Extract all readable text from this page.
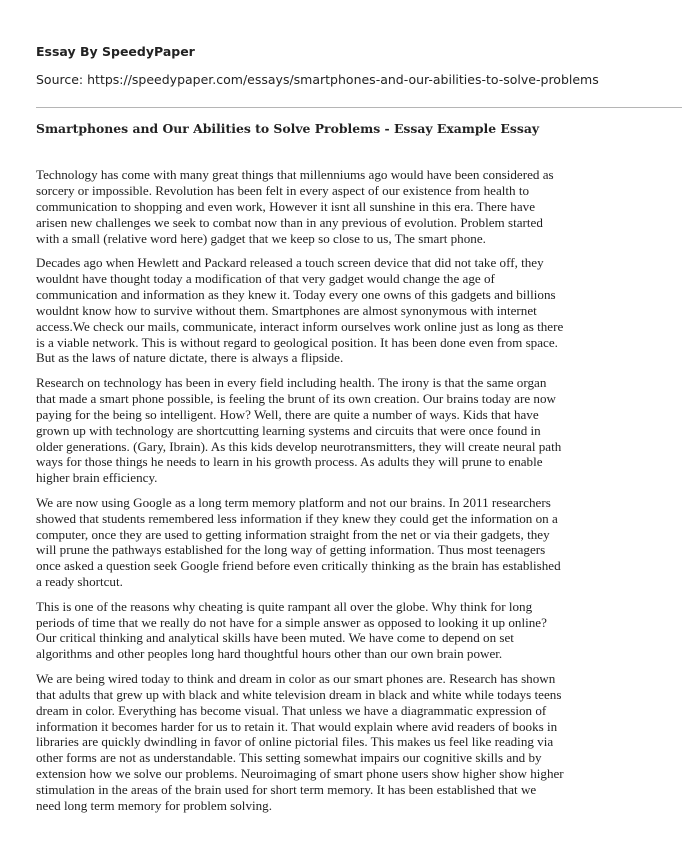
Essay By SpeedyPaper
Source: https://speedypaper.com/essays/smartphones-and-our-abilities-to-solve-problems
Smartphones and Our Abilities to Solve Problems - Essay Example Essay

Technology has come with many great things that millenniums ago would have been considered as
sorcery or impossible. Revolution has been felt in every aspect of our existence from health to
communication to shopping and even work, However it isnt all sunshine in this era. There have
arisen new challenges we seek to combat now than in any previous of evolution. Problem started
with a small (relative word here) gadget that we keep so close to us, The smart phone.

Decades ago when Hewlett and Packard released a touch screen device that did not take off, they
wouldnt have thought today a modification of that very gadget would change the age of
communication and information as they knew it. Today every one owns of this gadgets and billions
wouldnt know how to survive without them. Smartphones are almost synonymous with internet
access.We check our mails, communicate, interact inform ourselves work online just as long as there
is a viable network. This is without regard to geological position. It has been done even from space.
But as the laws of nature dictate, there is always a flipside.

Research on technology has been in every field including health. The irony is that the same organ
that made a smart phone possible, is feeling the brunt of its own creation. Our brains today are now
paying for the being so intelligent. How? Well, there are quite a number of ways. Kids that have
grown up with technology are shortcutting learning systems and circuits that were once found in
older generations. (Gary, Ibrain). As this kids develop neurotransmitters, they will create neural path
ways for those things he needs to learn in his growth process. As adults they will prune to enable
higher brain efficiency.

We are now using Google as a long term memory platform and not our brains. In 2011 researchers
showed that students remembered less information if they knew they could get the information on a
computer, once they are used to getting information straight from the net or via their gadgets, they
will prune the pathways established for the long way of getting information. Thus most teenagers
once asked a question seek Google friend before even critically thinking as the brain has established
a ready shortcut.

This is one of the reasons why cheating is quite rampant all over the globe. Why think for long
periods of time that we really do not have for a simple answer as opposed to looking it up online?
Our critical thinking and analytical skills have been muted. We have come to depend on set
algorithms and other peoples long hard thoughtful hours other than our own brain power.

We are being wired today to think and dream in color as our smart phones are. Research has shown
that adults that grew up with black and white television dream in black and white while todays teens
dream in color. Everything has become visual. That unless we have a diagrammatic expression of
information it becomes harder for us to retain it. That would explain where avid readers of books in
libraries are quickly dwindling in favor of online pictorial files. This makes us feel like reading via
other forms are not as understandable. This setting somewhat impairs our cognitive skills and by
extension how we solve our problems. Neuroimaging of smart phone users show higher show higher
stimulation in the areas of the brain used for short term memory. It has been established that we
need long term memory for problem solving.
